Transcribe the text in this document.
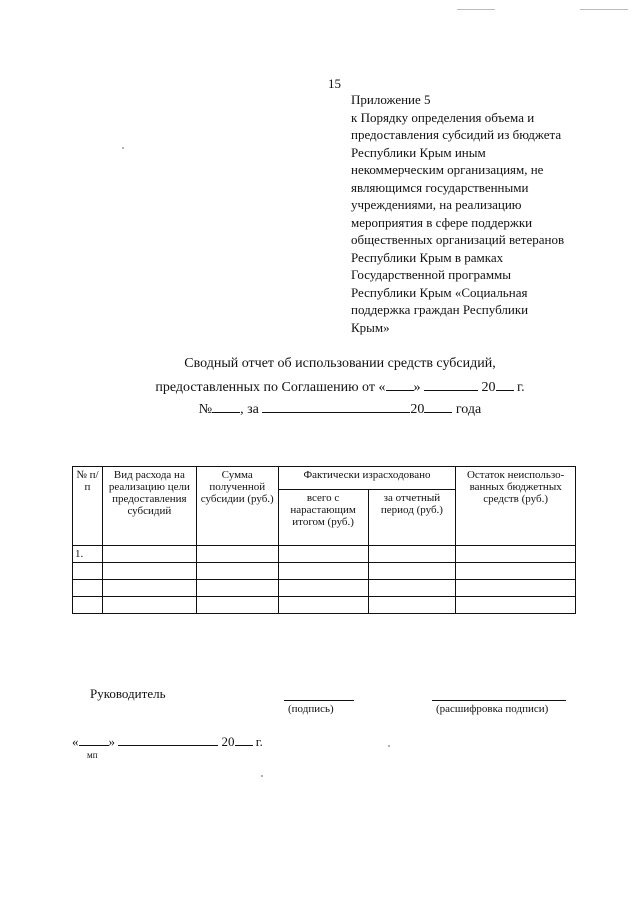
15
Приложение 5
к Порядку определения объема и
предоставления субсидий из бюджета
Республики Крым иным
некоммерческим организациям, не
являющимся государственными
учреждениями, на реализацию
мероприятия в сфере поддержки
общественных организаций ветеранов
Республики Крым в рамках
Государственной программы
Республики Крым «Социальная
поддержка граждан Республики
Крым»
Сводный отчет об использовании средств субсидий,
предоставленных по Соглашению от « »	20 г.
№ , за	20 года
№ п/ п	Вид расхода на реализацию цели предоставления субсидий	Сумма полученной субсидии (руб.)	Фактически израсходовано		Остаток неиспользо-ванных бюджетных средств (руб.)
			всего с нарастающим итогом (руб.)	за отчетный период (руб.)	
1.					

Руководитель
(подпись)	(расшифровка подписи)
« »	20 г.
мп
